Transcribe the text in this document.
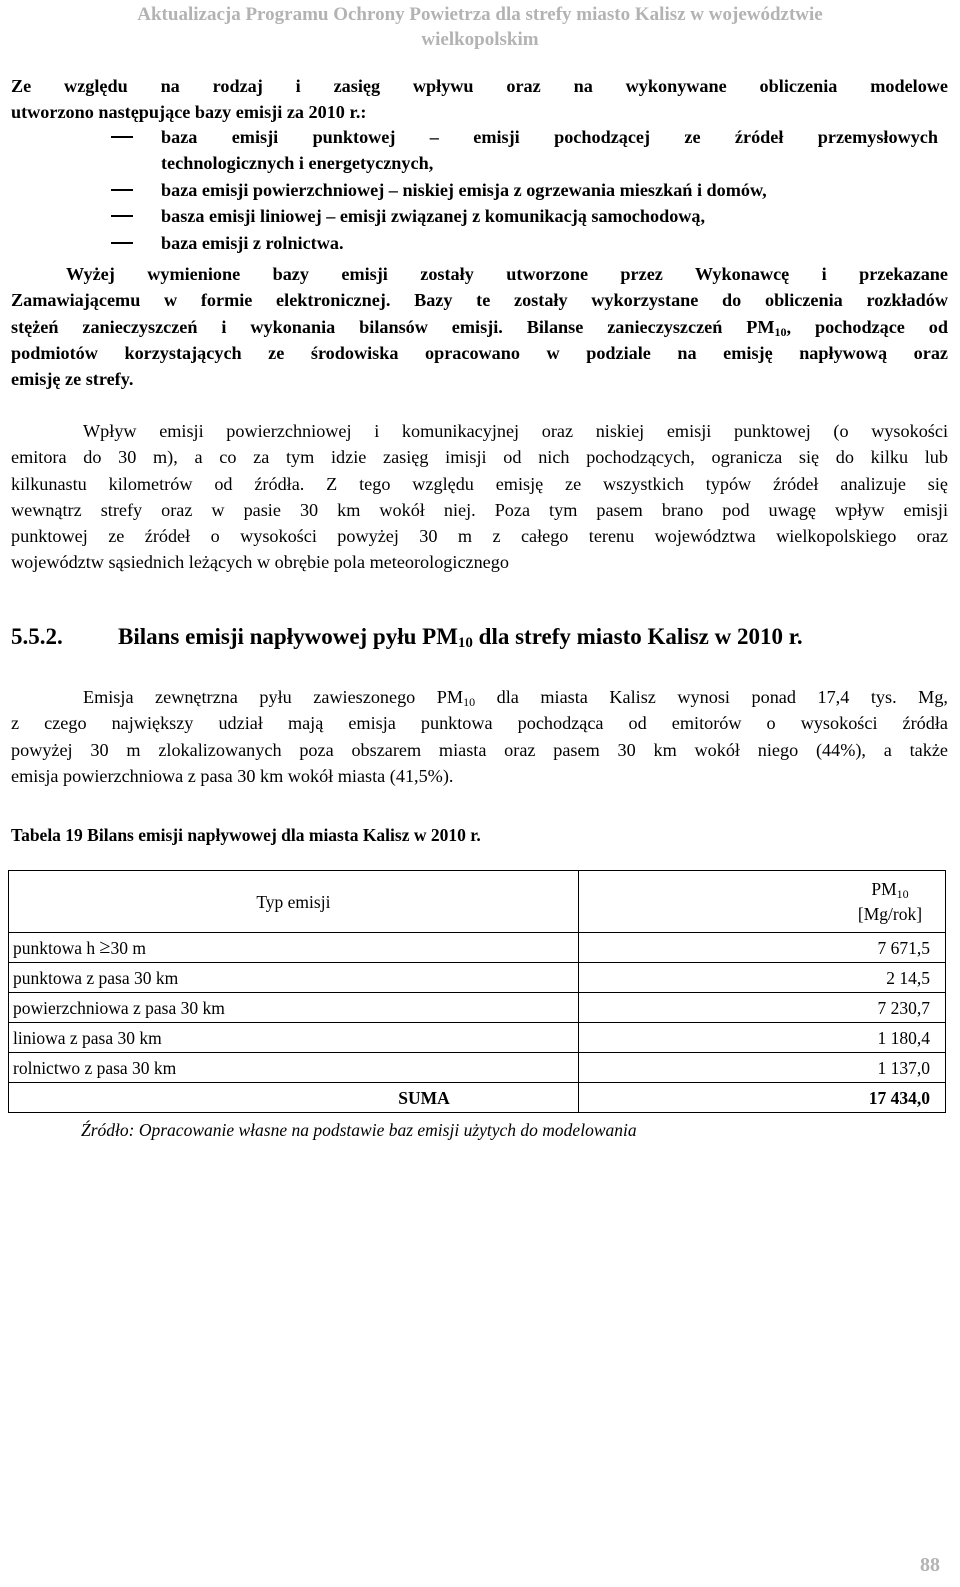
Aktualizacja Programu Ochrony Powietrza dla strefy miasto Kalisz w województwie
wielkopolskim
Ze względu na rodzaj i zasięg wpływu oraz na wykonywane obliczenia modelowe
utworzono następujące bazy emisji za 2010 r.:
baza emisji punktowej – emisji pochodzącej ze źródeł przemysłowych
technologicznych i energetycznych,
baza emisji powierzchniowej – niskiej emisja z ogrzewania mieszkań i domów,
basza emisji liniowej – emisji związanej z komunikacją samochodową,
baza emisji z rolnictwa.
Wyżej wymienione bazy emisji zostały utworzone przez Wykonawcę i przekazane
Zamawiającemu w formie elektronicznej. Bazy te zostały wykorzystane do obliczenia rozkładów
stężeń zanieczyszczeń i wykonania bilansów emisji. Bilanse zanieczyszczeń $PM_{10}$, pochodzące od
podmiotów korzystających ze środowiska opracowano w podziale na emisję napływową oraz
emisję ze strefy.
Wpływ emisji powierzchniowej i komunikacyjnej oraz niskiej emisji punktowej (o wysokości
emitora do 30 m), a co za tym idzie zasięg imisji od nich pochodzących, ogranicza się do kilku lub
kilkunastu kilometrów od źródła. Z tego względu emisję ze wszystkich typów źródeł analizuje się
wewnątrz strefy oraz w pasie 30 km wokół niej. Poza tym pasem brano pod uwagę wpływ emisji
punktowej ze źródeł o wysokości powyżej 30 m z całego terenu województwa wielkopolskiego oraz
województw sąsiednich leżących w obrębie pola meteorologicznego
5.5.2. Bilans emisji napływowej pyłu $PM_{10}$ dla strefy miasto Kalisz w 2010 r.
Emisja zewnętrzna pyłu zawieszonego $PM_{10}$ dla miasta Kalisz wynosi ponad 17,4 tys. Mg,
z czego największy udział mają emisja punktowa pochodząca od emitorów o wysokości źródła
powyżej 30 m zlokalizowanych poza obszarem miasta oraz pasem 30 km wokół niego (44%), a także
emisja powierzchniowa z pasa 30 km wokół miasta (41,5%).
Tabela 19 Bilans emisji napływowej dla miasta Kalisz w 2010 r.
Typ emisji	$PM_{10}$
[Mg/rok]

punktowa h ≥30 m	7 671,5
punktowa z pasa 30 km	2 14,5
powierzchniowa z pasa 30 km	7 230,7
liniowa z pasa 30 km	1 180,4
rolnictwo z pasa 30 km	1 137,0
SUMA	17 434,0
Źródło: Opracowanie własne na podstawie baz emisji użytych do modelowania
88
